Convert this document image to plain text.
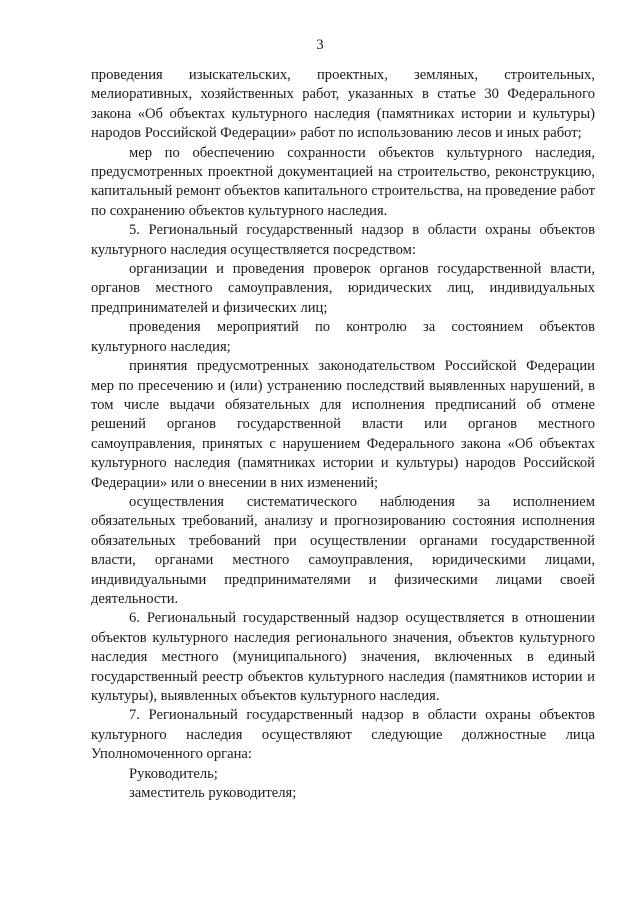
3

проведения изыскательских, проектных, земляных, строительных, мелиоративных, хозяйственных работ, указанных в статье 30 Федерального закона «Об объектах культурного наследия (памятниках истории и культуры) народов Российской Федерации» работ по использованию лесов и иных работ;

мер по обеспечению сохранности объектов культурного наследия, предусмотренных проектной документацией на строительство, реконструкцию, капитальный ремонт объектов капитального строительства, на проведение работ по сохранению объектов культурного наследия.

5. Региональный государственный надзор в области охраны объектов культурного наследия осуществляется посредством:

организации и проведения проверок органов государственной власти, органов местного самоуправления, юридических лиц, индивидуальных предпринимателей и физических лиц;

проведения мероприятий по контролю за состоянием объектов культурного наследия;

принятия предусмотренных законодательством Российской Федерации мер по пресечению и (или) устранению последствий выявленных нарушений, в том числе выдачи обязательных для исполнения предписаний об отмене решений органов государственной власти или органов местного самоуправления, принятых с нарушением Федерального закона «Об объектах культурного наследия (памятниках истории и культуры) народов Российской Федерации» или о внесении в них изменений;

осуществления систематического наблюдения за исполнением обязательных требований, анализу и прогнозированию состояния исполнения обязательных требований при осуществлении органами государственной власти, органами местного самоуправления, юридическими лицами, индивидуальными предпринимателями и физическими лицами своей деятельности.

6. Региональный государственный надзор осуществляется в отношении объектов культурного наследия регионального значения, объектов культурного наследия местного (муниципального) значения, включенных в единый государственный реестр объектов культурного наследия (памятников истории и культуры), выявленных объектов культурного наследия.

7. Региональный государственный надзор в области охраны объектов культурного наследия осуществляют следующие должностные лица Уполномоченного органа:

Руководитель;

заместитель руководителя;
